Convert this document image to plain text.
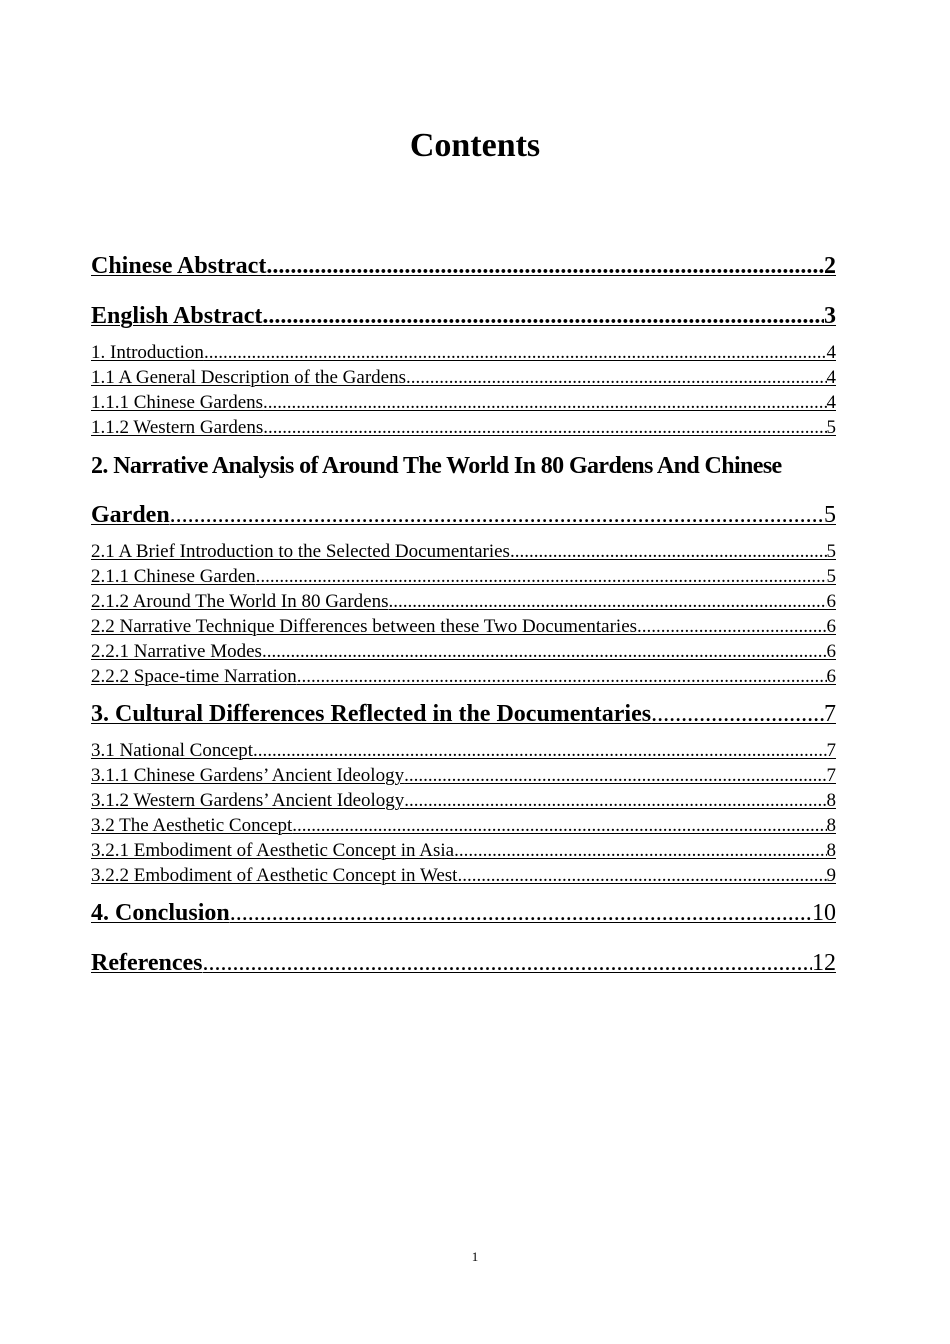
Contents
Chinese Abstract .....	2
English Abstract .....	3
1. Introduction .....	4
1.1 A General Description of the Gardens .....	4
1.1.1 Chinese Gardens .....	4
1.1.2 Western Gardens .....	5
2. Narrative Analysis of Around The World In 80 Gardens And Chinese
Garden .....	5
2.1 A Brief Introduction to the Selected Documentaries .....	5
2.1.1 Chinese Garden .....	5
2.1.2 Around The World In 80 Gardens .....	6
2.2 Narrative Technique Differences between these Two Documentaries .....	6
2.2.1 Narrative Modes .....	6
2.2.2 Space-time Narration .....	6
3. Cultural Differences Reflected in the Documentaries .....	7
3.1 National Concept .....	7
3.1.1 Chinese Gardens’ Ancient Ideology .....	7
3.1.2 Western Gardens’ Ancient Ideology .....	8
3.2 The Aesthetic Concept .....	8
3.2.1 Embodiment of Aesthetic Concept in Asia .....	8
3.2.2 Embodiment of Aesthetic Concept in West .....	9
4. Conclusion .....	10
References .....	12
1
